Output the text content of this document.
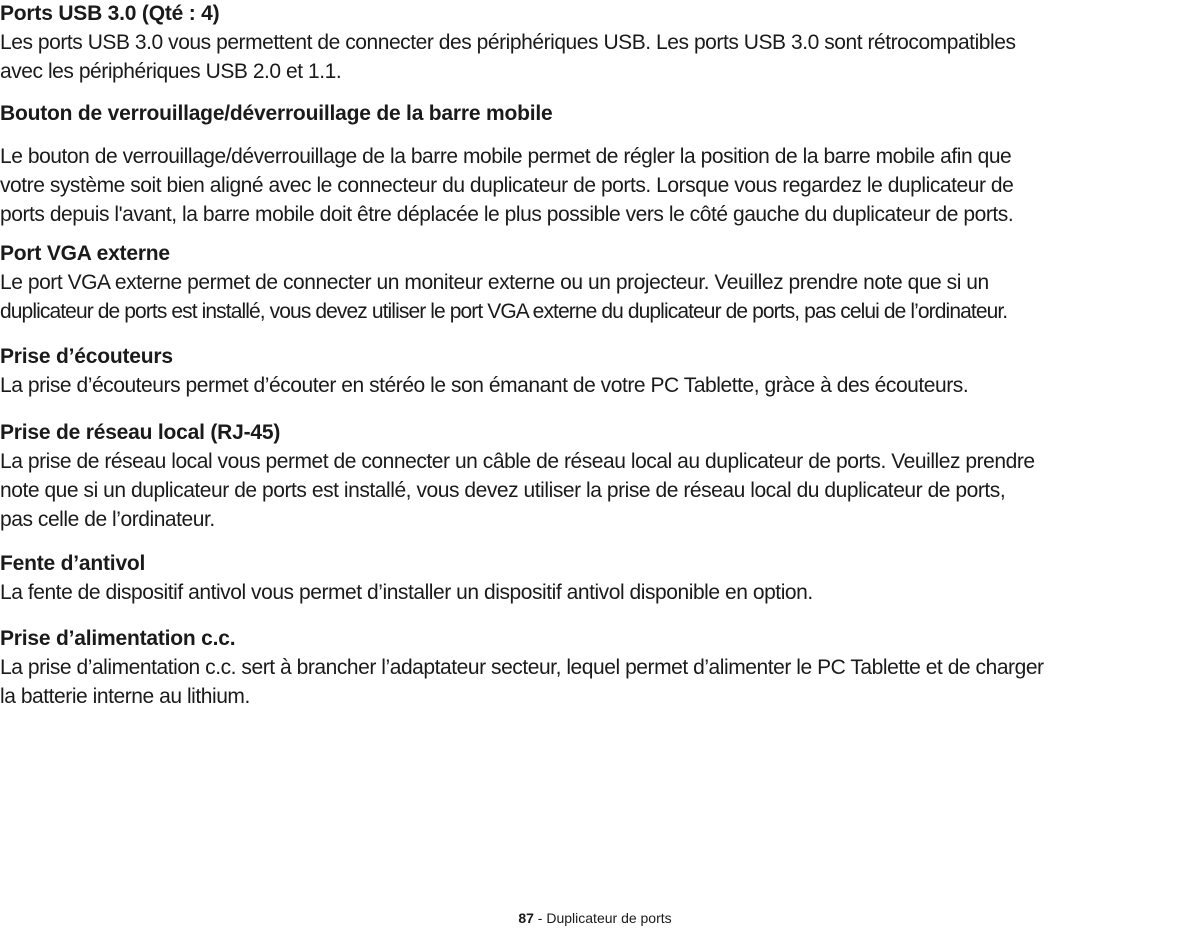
Ports USB 3.0 (Qté : 4)

Les ports USB 3.0 vous permettent de connecter des périphériques USB. Les ports USB 3.0 sont rétrocompatibles
avec les périphériques USB 2.0 et 1.1.

Bouton de verrouillage/déverrouillage de la barre mobile

Le bouton de verrouillage/déverrouillage de la barre mobile permet de régler la position de la barre mobile afin que
votre système soit bien aligné avec le connecteur du duplicateur de ports. Lorsque vous regardez le duplicateur de
ports depuis l'avant, la barre mobile doit être déplacée le plus possible vers le côté gauche du duplicateur de ports.

Port VGA externe

Le port VGA externe permet de connecter un moniteur externe ou un projecteur. Veuillez prendre note que si un
duplicateur de ports est installé, vous devez utiliser le port VGA externe du duplicateur de ports, pas celui de l’ordinateur.

Prise d’écouteurs

La prise d’écouteurs permet d’écouter en stéréo le son émanant de votre PC Tablette, gràce à des écouteurs.

Prise de réseau local (RJ-45)

La prise de réseau local vous permet de connecter un câble de réseau local au duplicateur de ports. Veuillez prendre
note que si un duplicateur de ports est installé, vous devez utiliser la prise de réseau local du duplicateur de ports,
pas celle de l’ordinateur.

Fente d’antivol

La fente de dispositif antivol vous permet d’installer un dispositif antivol disponible en option.

Prise d’alimentation c.c.

La prise d’alimentation c.c. sert à brancher l’adaptateur secteur, lequel permet d’alimenter le PC Tablette et de charger
la batterie interne au lithium.

87 - Duplicateur de ports
